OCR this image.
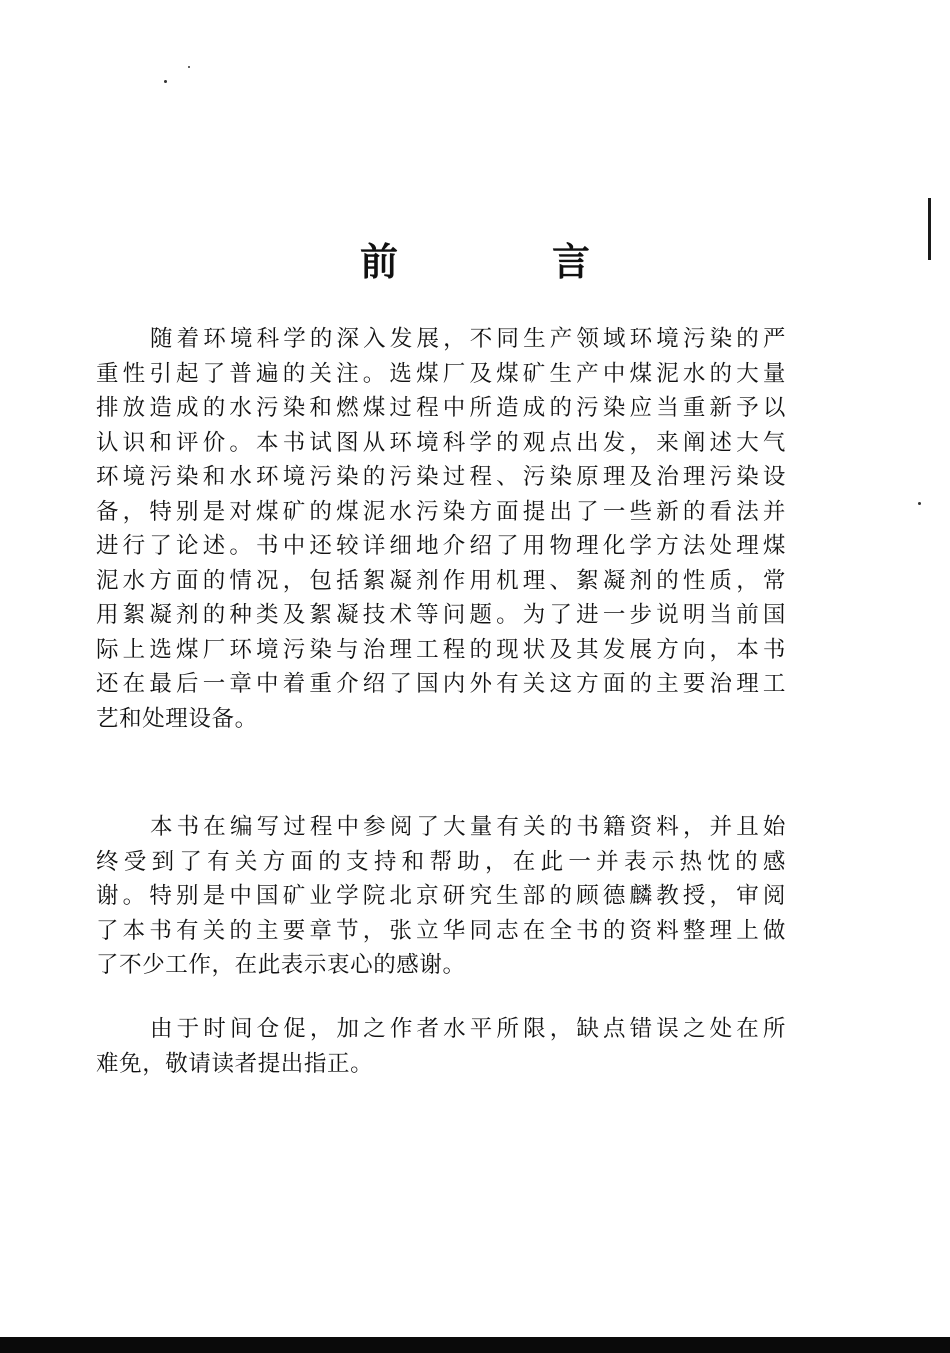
前　言
随着环境科学的深入发展，不同生产领域环境污染的严
重性引起了普遍的关注。选煤厂及煤矿生产中煤泥水的大量
排放造成的水污染和燃煤过程中所造成的污染应当重新予以
认识和评价。本书试图从环境科学的观点出发，来阐述大气
环境污染和水环境污染的污染过程、污染原理及治理污染设
备，特别是对煤矿的煤泥水污染方面提出了一些新的看法并
进行了论述。书中还较详细地介绍了用物理化学方法处理煤
泥水方面的情况，包括絮凝剂作用机理、絮凝剂的性质，常
用絮凝剂的种类及絮凝技术等问题。为了进一步说明当前国
际上选煤厂环境污染与治理工程的现状及其发展方向，本书
还在最后一章中着重介绍了国内外有关这方面的主要治理工
艺和处理设备。
本书在编写过程中参阅了大量有关的书籍资料，并且始
终受到了有关方面的支持和帮助，在此一并表示热忱的感
谢。特别是中国矿业学院北京研究生部的顾德麟教授，审阅
了本书有关的主要章节，张立华同志在全书的资料整理上做
了不少工作，在此表示衷心的感谢。
由于时间仓促，加之作者水平所限，缺点错误之处在所
难免，敬请读者提出指正。
